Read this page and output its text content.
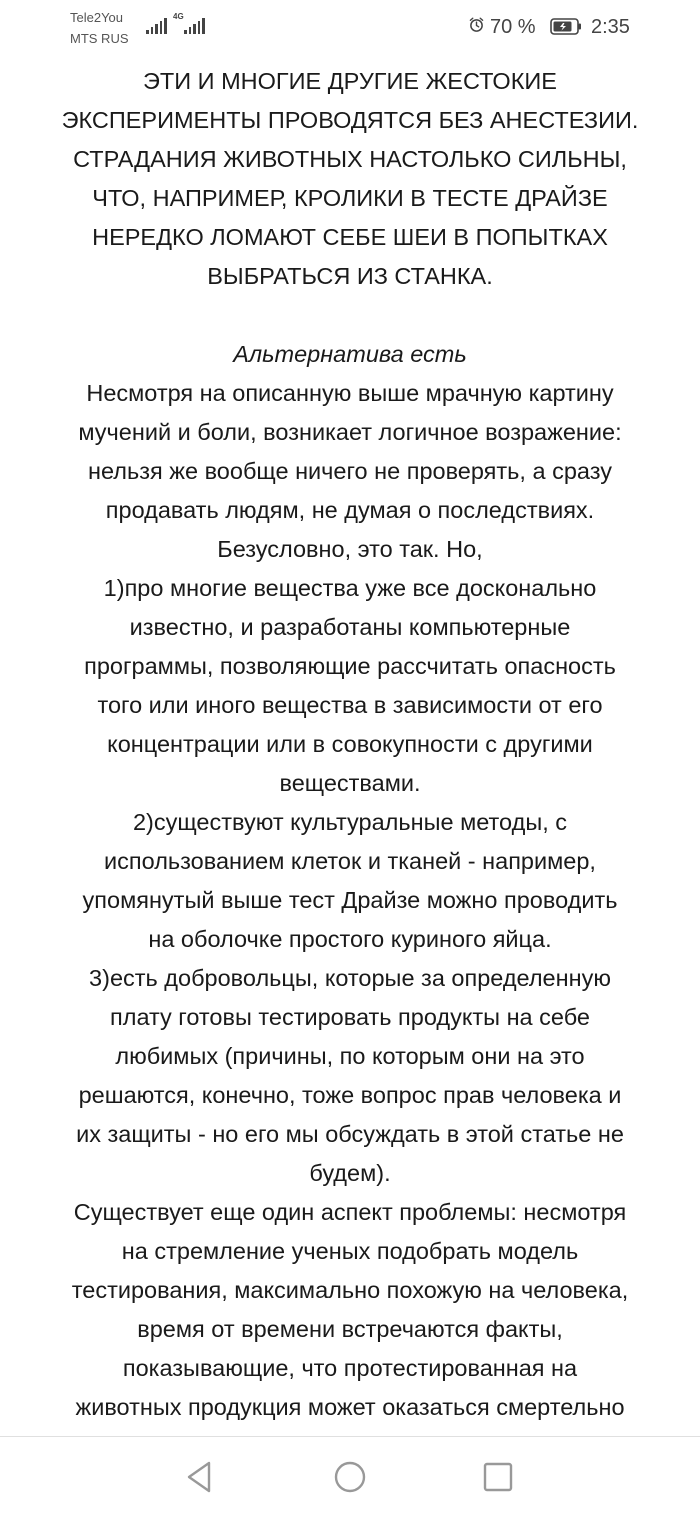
Tele2You
MTS RUS
4G	70 %	2:35

ЭТИ И МНОГИЕ ДРУГИЕ ЖЕСТОКИЕ

ЭКСПЕРИМЕНТЫ ПРОВОДЯТСЯ БЕЗ АНЕСТЕЗИИ.

СТРАДАНИЯ ЖИВОТНЫХ НАСТОЛЬКО СИЛЬНЫ,

ЧТО, НАПРИМЕР, КРОЛИКИ В ТЕСТЕ ДРАЙЗЕ

НЕРЕДКО ЛОМАЮТ СЕБЕ ШЕИ В ПОПЫТКАХ

ВЫБРАТЬСЯ ИЗ СТАНКА.

Альтернатива есть

Несмотря на описанную выше мрачную картину

мучений и боли, возникает логичное возражение:

нельзя же вообще ничего не проверять, а сразу

продавать людям, не думая о последствиях.

Безусловно, это так. Но,

1)про многие вещества уже все досконально

известно, и разработаны компьютерные

программы, позволяющие рассчитать опасность

того или иного вещества в зависимости от его

концентрации или в совокупности с другими

веществами.

2)существуют культуральные методы, с

использованием клеток и тканей - например,

упомянутый выше тест Драйзе можно проводить

на оболочке простого куриного яйца.

3)есть добровольцы, которые за определенную

плату готовы тестировать продукты на себе

любимых (причины, по которым они на это

решаются, конечно, тоже вопрос прав человека и

их защиты - но его мы обсуждать в этой статье не

будем).

Существует еще один аспект проблемы: несмотря

на стремление ученых подобрать модель

тестирования, максимально похожую на человека,

время от времени встречаются факты,

показывающие, что протестированная на

животных продукция может оказаться смертельно
